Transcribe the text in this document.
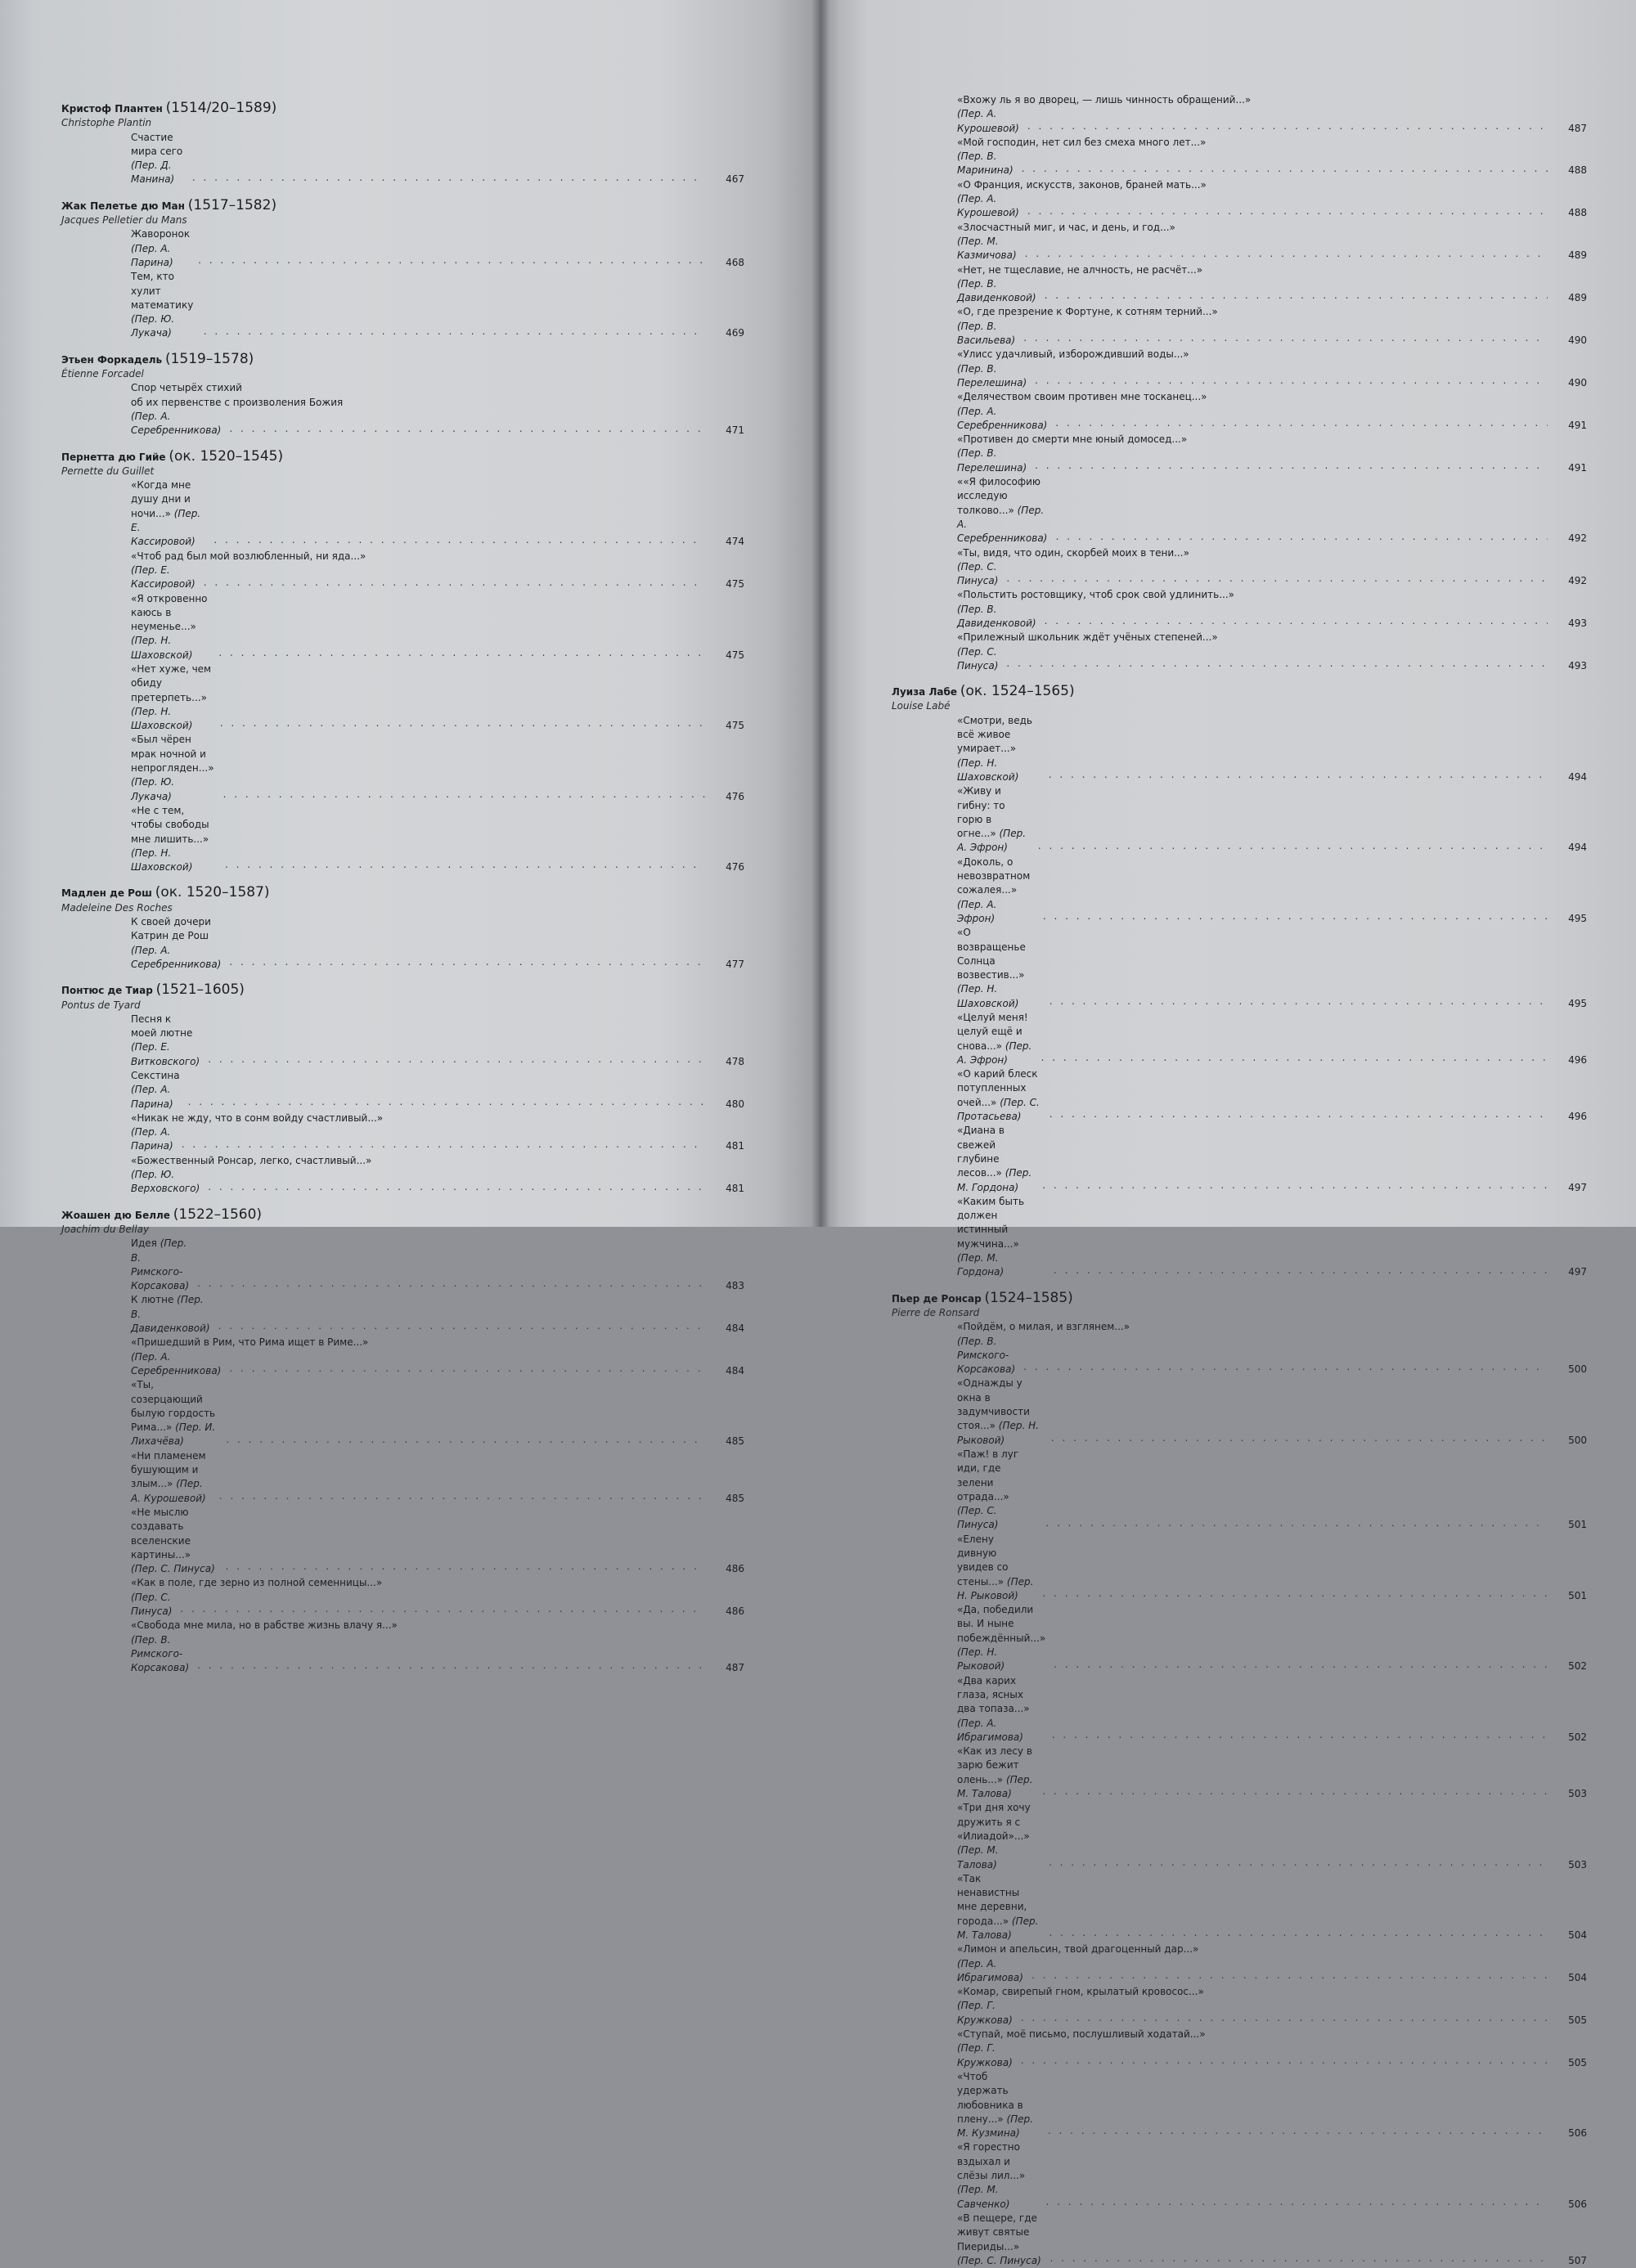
Кристоф Плантен (1514/20–1589)
Christophe Plantin
Счастие мира сего (Пер. Д. Манина) . . .	467
Жак Пелетье дю Ман (1517–1582)
Jacques Pelletier du Mans
Жаворонок (Пер. А. Парина) . . .	468
Тем, кто хулит математику (Пер. Ю. Лукача) . . .	469
Этьен Форкадель (1519–1578)
Étienne Forcadel
Спор четырёх стихий
об их первенстве с произволения Божия
(Пер. А. Серебренникова) . . .	471
Пернетта дю Гийе (ок. 1520–1545)
Pernette du Guillet
«Когда мне душу дни и ночи...» (Пер. Е. Кассировой) . . .	474
«Чтоб рад был мой возлюбленный, ни яда...»
(Пер. Е. Кассировой) . . .	475
«Я откровенно каюсь в неуменье...» (Пер. Н. Шаховской) . . .	475
«Нет хуже, чем обиду претерпеть...» (Пер. Н. Шаховской) . . .	475
«Был чёрен мрак ночной и непрогляден...» (Пер. Ю. Лукача) . . .	476
«Не с тем, чтобы свободы мне лишить...» (Пер. Н. Шаховской) . . .	476
Мадлен де Рош (ок. 1520–1587)
Madeleine Des Roches
К своей дочери Катрин де Рош (Пер. А. Серебренникова) . . .	477
Понтюс де Тиар (1521–1605)
Pontus de Tyard
Песня к моей лютне (Пер. Е. Витковского) . . .	478
Секстина (Пер. А. Парина) . . .	480
«Никак не жду, что в сонм войду счастливый...»
(Пер. А. Парина) . . .	481
«Божественный Ронсар, легко, счастливый...»
(Пер. Ю. Верховского) . . .	481
Жоашен дю Белле (1522–1560)
Joachim du Bellay
Идея (Пер. В. Римского-Корсакова) . . .	483
К лютне (Пер. В. Давиденковой) . . .	484
«Пришедший в Рим, что Рима ищет в Риме...»
(Пер. А. Серебренникова) . . .	484
«Ты, созерцающий былую гордость Рима...» (Пер. И. Лихачёва) . . .	485
«Ни пламенем бушующим и злым...» (Пер. А. Курошевой) . . .	485
«Не мыслю создавать вселенские картины...» (Пер. С. Пинуса) . . .	486
«Как в поле, где зерно из полной семенницы...»
(Пер. С. Пинуса) . . .	486
«Свобода мне мила, но в рабстве жизнь влачу я...»
(Пер. В. Римского-Корсакова) . . .	487
«Вхожу ль я во дворец, — лишь чинность обращений...»
(Пер. А. Курошевой) . . .	487
«Мой господин, нет сил без смеха много лет...»
(Пер. В. Маринина) . . .	488
«О Франция, искусств, законов, браней мать...»
(Пер. А. Курошевой) . . .	488
«Злосчастный миг, и час, и день, и год...»
(Пер. М. Казмичова) . . .	489
«Нет, не тщеславие, не алчность, не расчёт...»
(Пер. В. Давиденковой) . . .	489
«О, где презрение к Фортуне, к сотням терний...»
(Пер. В. Васильева) . . .	490
«Улисс удачливый, изборождивший воды...»
(Пер. В. Перелешина) . . .	490
«Делячеством своим противен мне тосканец...»
(Пер. А. Серебренникова) . . .	491
«Противен до смерти мне юный домосед...»
(Пер. В. Перелешина) . . .	491
««Я философию исследую толково...» (Пер. А. Серебренникова) . . .	492
«Ты, видя, что один, скорбей моих в тени...»
(Пер. С. Пинуса) . . .	492
«Польстить ростовщику, чтоб срок свой удлинить...»
(Пер. В. Давиденковой) . . .	493
«Прилежный школьник ждёт учёных степеней...»
(Пер. С. Пинуса) . . .	493
Луиза Лабе (ок. 1524–1565)
Louise Labé
«Смотри, ведь всё живое умирает...» (Пер. Н. Шаховской) . . .	494
«Живу и гибну: то горю в огне...» (Пер. А. Эфрон) . . .	494
«Доколь, о невозвратном сожалея...» (Пер. А. Эфрон) . . .	495
«О возвращенье Солнца возвестив...» (Пер. Н. Шаховской) . . .	495
«Целуй меня! целуй ещё и снова...» (Пер. А. Эфрон) . . .	496
«О карий блеск потупленных очей...» (Пер. С. Протасьева) . . .	496
«Диана в свежей глубине лесов...» (Пер. М. Гордона) . . .	497
«Каким быть должен истинный мужчина...» (Пер. М. Гордона) . . .	497
Пьер де Ронсар (1524–1585)
Pierre de Ronsard
«Пойдём, о милая, и взглянем...»
(Пер. В. Римского-Корсакова) . . .	500
«Однажды у окна в задумчивости стоя...» (Пер. Н. Рыковой) . . .	500
«Паж! в луг иди, где зелени отрада...» (Пер. С. Пинуса) . . .	501
«Елену дивную увидев со стены...» (Пер. Н. Рыковой) . . .	501
«Да, победили вы. И ныне побеждённый...» (Пер. Н. Рыковой) . . .	502
«Два карих глаза, ясных два топаза...» (Пер. А. Ибрагимова) . . .	502
«Как из лесу в зарю бежит олень...» (Пер. М. Талова) . . .	503
«Три дня хочу дружить я с «Илиадой»...» (Пер. М. Талова) . . .	503
«Так ненавистны мне деревни, города...» (Пер. М. Талова) . . .	504
«Лимон и апельсин, твой драгоценный дар...»
(Пер. А. Ибрагимова) . . .	504
«Комар, свирепый гном, крылатый кровосос...»
(Пер. Г. Кружкова) . . .	505
«Ступай, моё письмо, послушливый ходатай...»
(Пер. Г. Кружкова) . . .	505
«Чтоб удержать любовника в плену...» (Пер. М. Кузмина) . . .	506
«Я горестно вздыхал и слёзы лил...» (Пер. М. Савченко) . . .	506
«В пещере, где живут святые Пиериды...» (Пер. С. Пинуса) . . .	507
